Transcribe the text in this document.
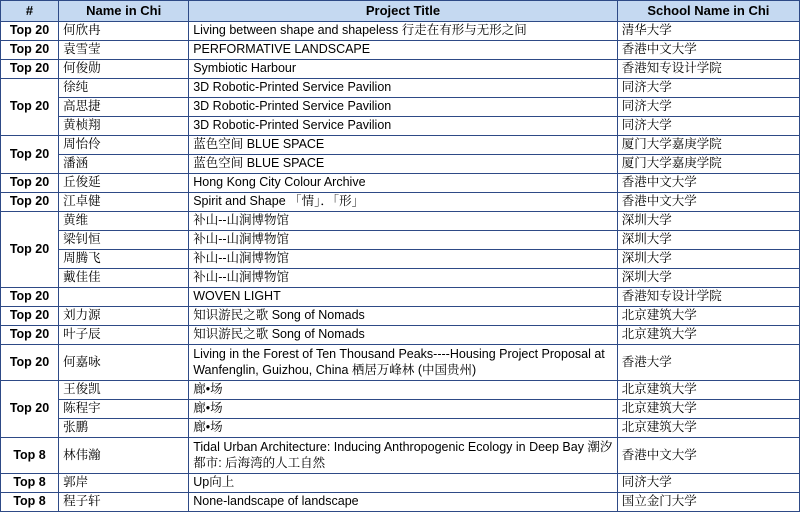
#	Name in Chi	Project Title	School Name in Chi
Top 20	何欣冉	Living between shape and shapeless 行走在有形与无形之间	清华大学
Top 20	袁雪莹	PERFORMATIVE LANDSCAPE	香港中文大学
Top 20	何俊勋	Symbiotic Harbour	香港知专设计学院
Top 20	徐纯	3D Robotic-Printed Service Pavilion	同济大学
	高思捷	3D Robotic-Printed Service Pavilion	同济大学
	黄桢翔	3D Robotic-Printed Service Pavilion	同济大学
Top 20	周怡伶	蓝色空间 BLUE SPACE	厦门大学嘉庚学院
	潘涵	蓝色空间 BLUE SPACE	厦门大学嘉庚学院
Top 20	丘俊延	Hong Kong City Colour Archive	香港中文大学
Top 20	江卓健	Spirit and Shape 「情」．「形」	香港中文大学
Top 20	黄维	补山--山涧博物馆	深圳大学
	梁钊恒	补山--山涧博物馆	深圳大学
	周腾飞	补山--山涧博物馆	深圳大学
	戴佳佳	补山--山涧博物馆	深圳大学
Top 20		WOVEN LIGHT	香港知专设计学院
Top 20	刘力源	知识游民之歌 Song of Nomads	北京建筑大学
Top 20	叶子辰	知识游民之歌 Song of Nomads	北京建筑大学
Top 20	何嘉咏	Living in the Forest of Ten Thousand Peaks----Housing Project Proposal at Wanfenglin, Guizhou, China 栖居万峰林 (中国贵州)	香港大学
Top 20	王俊凯	廊•场	北京建筑大学
	陈程宇	廊•场	北京建筑大学
	张鹏	廊•场	北京建筑大学
Top 8	林伟瀚	Tidal Urban Architecture: Inducing Anthropogenic Ecology in Deep Bay 潮汐都市: 后海湾的人工自然	香港中文大学
Top 8	郭岸	Up向上	同济大学
Top 8	程子轩	None-landscape of landscape	国立金门大学
